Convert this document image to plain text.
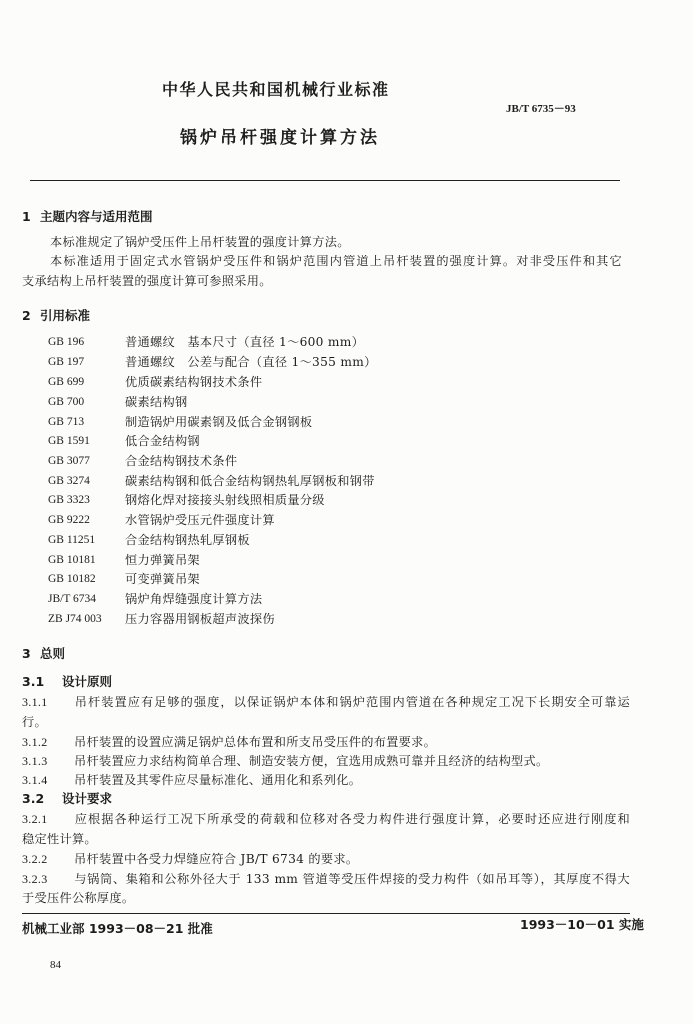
中华人民共和国机械行业标准
JB/T 6735－93
锅炉吊杆强度计算方法
1 主题内容与适用范围
本标准规定了锅炉受压件上吊杆装置的强度计算方法。
本标准适用于固定式水管锅炉受压件和锅炉范围内管道上吊杆装置的强度计算。对非受压件和其它
支承结构上吊杆装置的强度计算可参照采用。
2 引用标准
GB 196	普通螺纹　基本尺寸（直径 1～600 mm）
GB 197	普通螺纹　公差与配合（直径 1～355 mm）
GB 699	优质碳素结构钢技术条件
GB 700	碳素结构钢
GB 713	制造锅炉用碳素钢及低合金钢钢板
GB 1591	低合金结构钢
GB 3077	合金结构钢技术条件
GB 3274	碳素结构钢和低合金结构钢热轧厚钢板和钢带
GB 3323	钢熔化焊对接接头射线照相质量分级
GB 9222	水管锅炉受压元件强度计算
GB 11251 合金结构钢热轧厚钢板
GB 10181 恒力弹簧吊架
GB 10182 可变弹簧吊架
JB/T 6734 锅炉角焊缝强度计算方法
ZB J74 003 压力容器用钢板超声波探伤
3 总则
3.1 设计原则
3.1.1 吊杆装置应有足够的强度，以保证锅炉本体和锅炉范围内管道在各种规定工况下长期安全可靠运
行。
3.1.2 吊杆装置的设置应满足锅炉总体布置和所支吊受压件的布置要求。
3.1.3 吊杆装置应力求结构简单合理、制造安装方便，宜选用成熟可靠并且经济的结构型式。
3.1.4 吊杆装置及其零件应尽量标准化、通用化和系列化。
3.2 设计要求
3.2.1 应根据各种运行工况下所承受的荷载和位移对各受力构件进行强度计算，必要时还应进行刚度和
稳定性计算。
3.2.2 吊杆装置中各受力焊缝应符合 JB/T 6734 的要求。
3.2.3 与锅筒、集箱和公称外径大于 133 mm 管道等受压件焊接的受力构件（如吊耳等），其厚度不得大
于受压件公称厚度。
机械工业部 1993－08－21 批准	1993－10－01 实施
84
